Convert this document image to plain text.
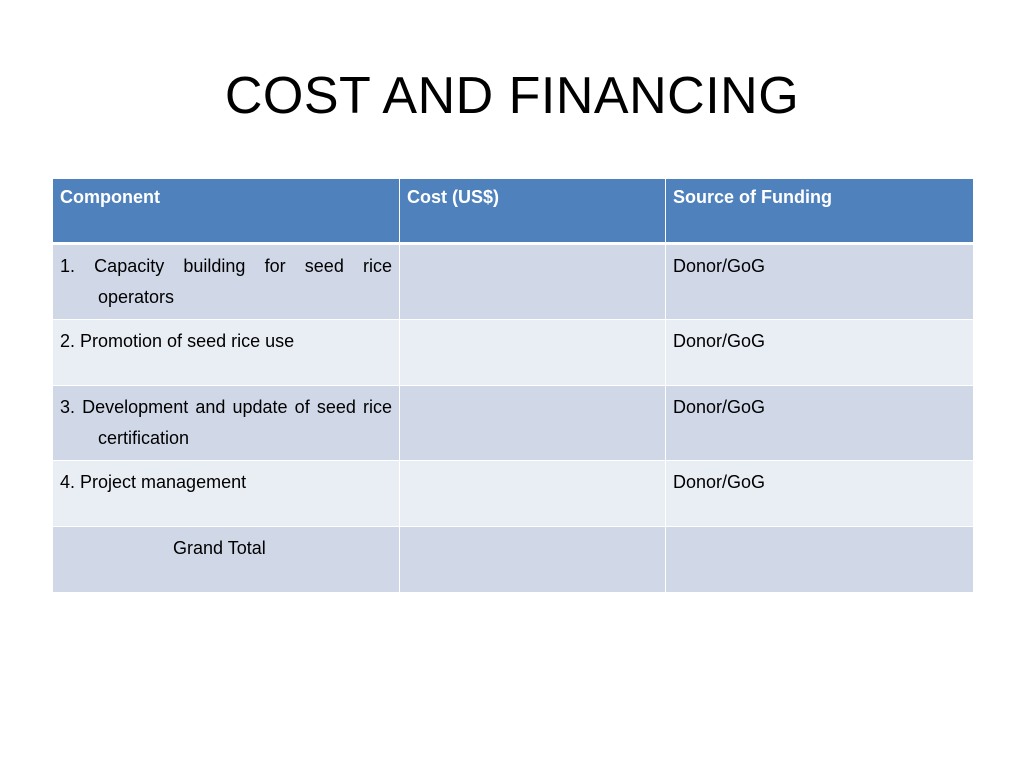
COST AND FINANCING
Component	Cost (US$)	Source of Funding

1. Capacity building for seed rice operators		Donor/GoG

2. Promotion of seed rice use		Donor/GoG

3. Development and update of seed rice certification		Donor/GoG

4. Project management		Donor/GoG
Grand Total		
